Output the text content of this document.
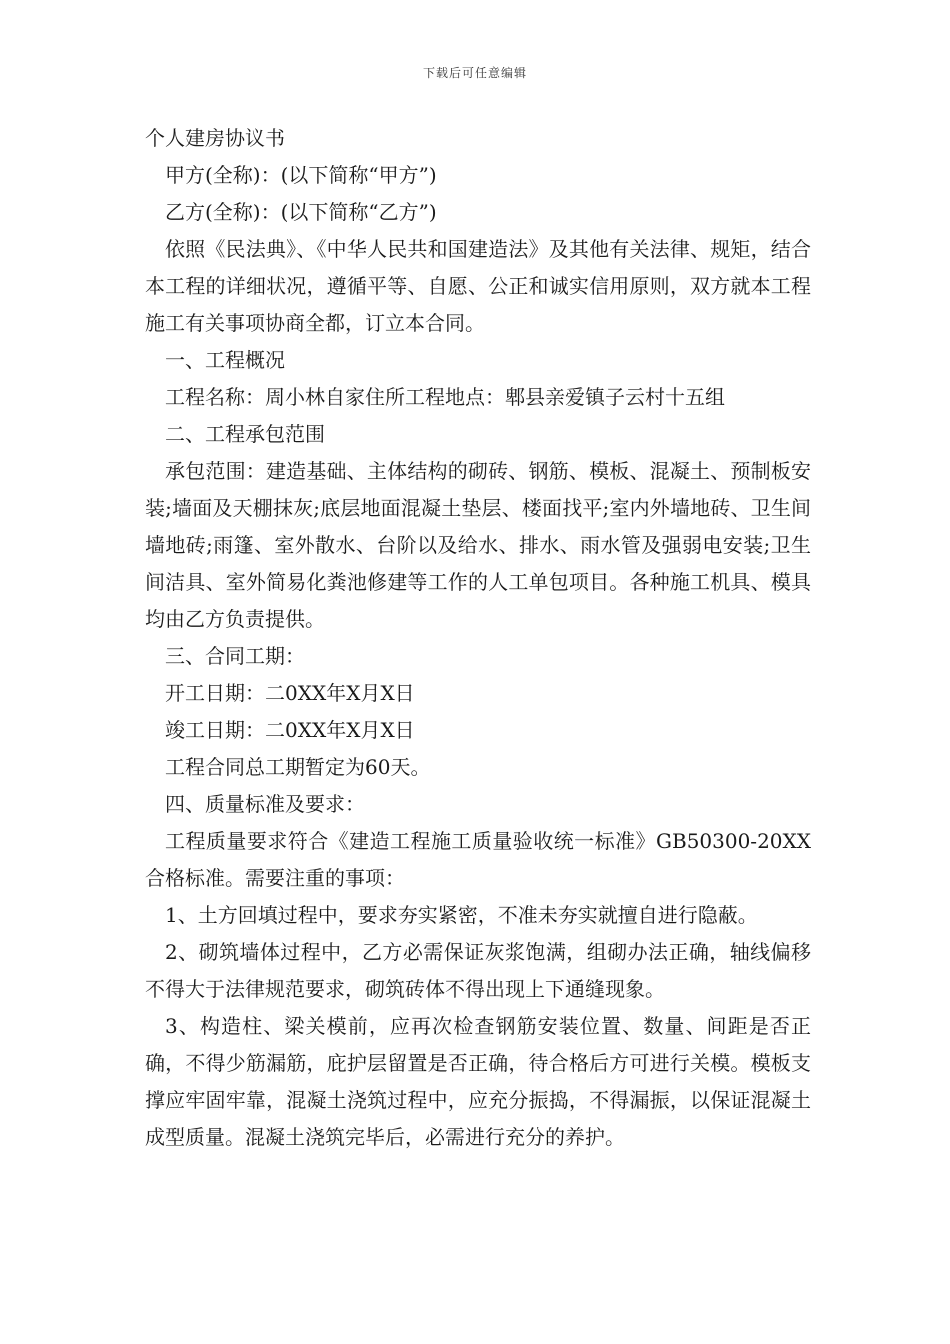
下载后可任意编辑

个人建房协议书

甲方(全称)：(以下简称“甲方”)

乙方(全称)：(以下简称“乙方”)

依照《民法典》、《中华人民共和国建造法》及其他有关法律、规矩，结合本工程的详细状况，遵循平等、自愿、公正和诚实信用原则，双方就本工程施工有关事项协商全都，订立本合同。

一、工程概况

工程名称：周小林自家住所工程地点：郫县亲爱镇子云村十五组

二、工程承包范围

承包范围：建造基础、主体结构的砌砖、钢筋、模板、混凝土、预制板安装;墙面及天棚抹灰;底层地面混凝土垫层、楼面找平;室内外墙地砖、卫生间墙地砖;雨篷、室外散水、台阶以及给水、排水、雨水管及强弱电安装;卫生间洁具、室外简易化粪池修建等工作的人工单包项目。各种施工机具、模具均由乙方负责提供。

三、合同工期：

开工日期：二0XX年X月X日

竣工日期：二0XX年X月X日

工程合同总工期暂定为60天。

四、质量标准及要求：

工程质量要求符合《建造工程施工质量验收统一标准》GB50300-20XX合格标准。需要注重的事项：

1、土方回填过程中，要求夯实紧密，不准未夯实就擅自进行隐蔽。

2、砌筑墙体过程中，乙方必需保证灰浆饱满，组砌办法正确，轴线偏移不得大于法律规范要求，砌筑砖体不得出现上下通缝现象。

3、构造柱、梁关模前，应再次检查钢筋安装位置、数量、间距是否正确，不得少筋漏筋，庇护层留置是否正确，待合格后方可进行关模。模板支撑应牢固牢靠，混凝土浇筑过程中，应充分振捣，不得漏振，以保证混凝土成型质量。混凝土浇筑完毕后，必需进行充分的养护。
